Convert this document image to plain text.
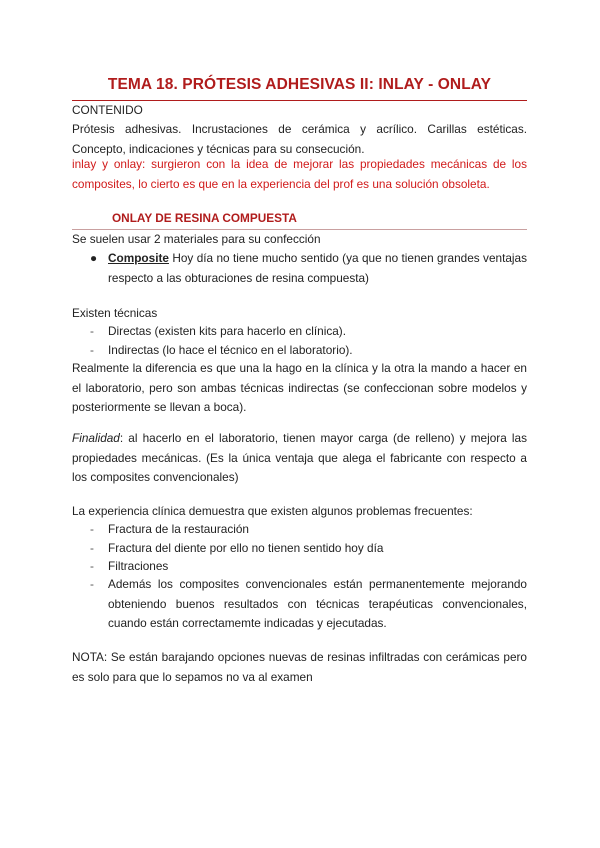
TEMA 18. PRÓTESIS ADHESIVAS II: INLAY - ONLAY
CONTENIDO
Prótesis adhesivas. Incrustaciones de cerámica y acrílico. Carillas estéticas. Concepto, indicaciones y técnicas para su consecución.
inlay y onlay: surgieron con la idea de mejorar las propiedades mecánicas de los composites, lo cierto es que en la experiencia del prof es una solución obsoleta.
ONLAY DE RESINA COMPUESTA
Se suelen usar 2 materiales para su confección
● Composite Hoy día no tiene mucho sentido (ya que no tienen grandes ventajas respecto a las obturaciones de resina compuesta)
Existen técnicas
- Directas (existen kits para hacerlo en clínica).
- Indirectas (lo hace el técnico en el laboratorio).
Realmente la diferencia es que una la hago en la clínica y la otra la mando a hacer en el laboratorio, pero son ambas técnicas indirectas (se confeccionan sobre modelos y posteriormente se llevan a boca).
Finalidad: al hacerlo en el laboratorio, tienen mayor carga (de relleno) y mejora las propiedades mecánicas. (Es la única ventaja que alega el fabricante con respecto a los composites convencionales)
La experiencia clínica demuestra que existen algunos problemas frecuentes:
- Fractura de la restauración
- Fractura del diente por ello no tienen sentido hoy día
- Filtraciones
- Además los composites convencionales están permanentemente mejorando obteniendo buenos resultados con técnicas terapéuticas convencionales, cuando están correctamemte indicadas y ejecutadas.
NOTA: Se están barajando opciones nuevas de resinas infiltradas con cerámicas pero es solo para que lo sepamos no va al examen
